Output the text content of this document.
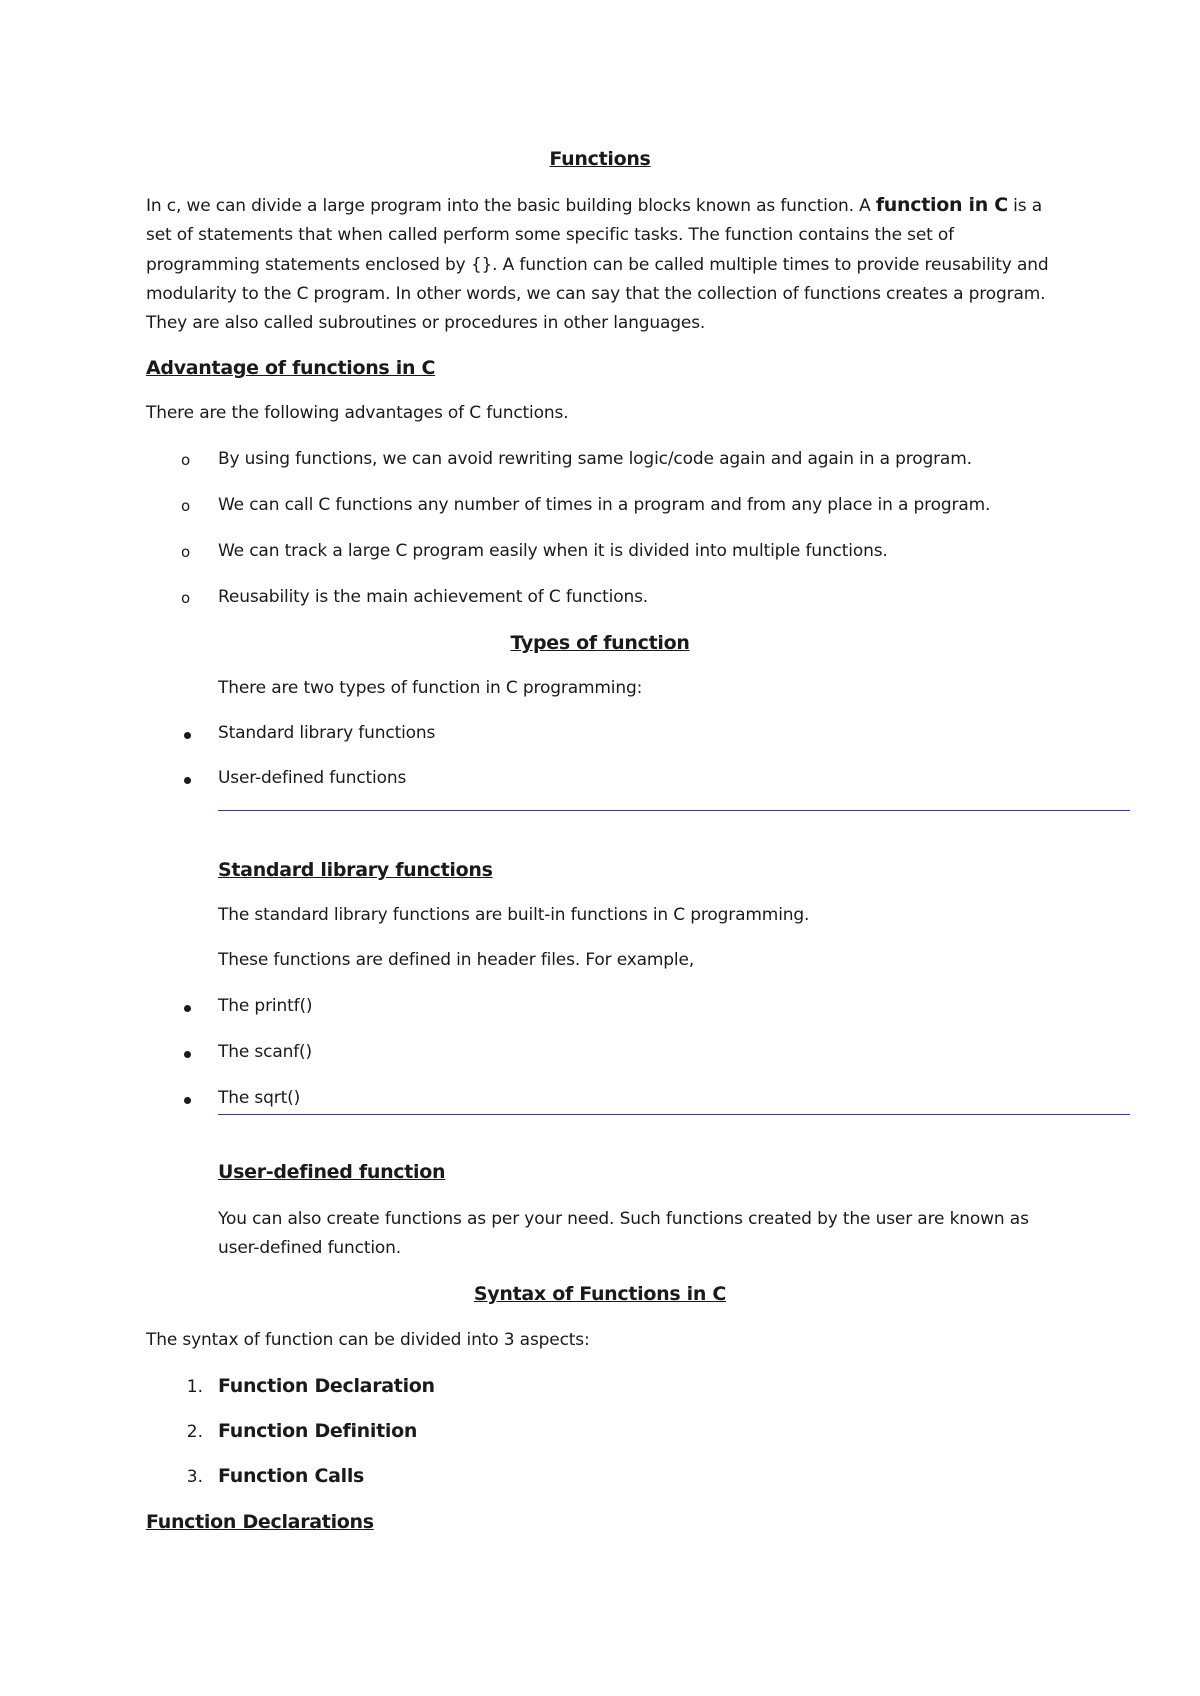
Functions

In c, we can divide a large program into the basic building blocks known as function. A function in C is a set of statements that when called perform some specific tasks. The function contains the set of programming statements enclosed by {}. A function can be called multiple times to provide reusability and modularity to the C program. In other words, we can say that the collection of functions creates a program. They are also called subroutines or procedures in other languages.

Advantage of functions in C

There are the following advantages of C functions.

o By using functions, we can avoid rewriting same logic/code again and again in a program.

o We can call C functions any number of times in a program and from any place in a program.

o We can track a large C program easily when it is divided into multiple functions.

o Reusability is the main achievement of C functions.

Types of function

There are two types of function in C programming:

Standard library functions

User-defined functions

Standard library functions

The standard library functions are built-in functions in C programming.

These functions are defined in header files. For example,

The printf()

The scanf()

The sqrt()

User-defined function

You can also create functions as per your need. Such functions created by the user are known as user-defined function.

Syntax of Functions in C

The syntax of function can be divided into 3 aspects:

1. Function Declaration

2. Function Definition

3. Function Calls

Function Declarations
